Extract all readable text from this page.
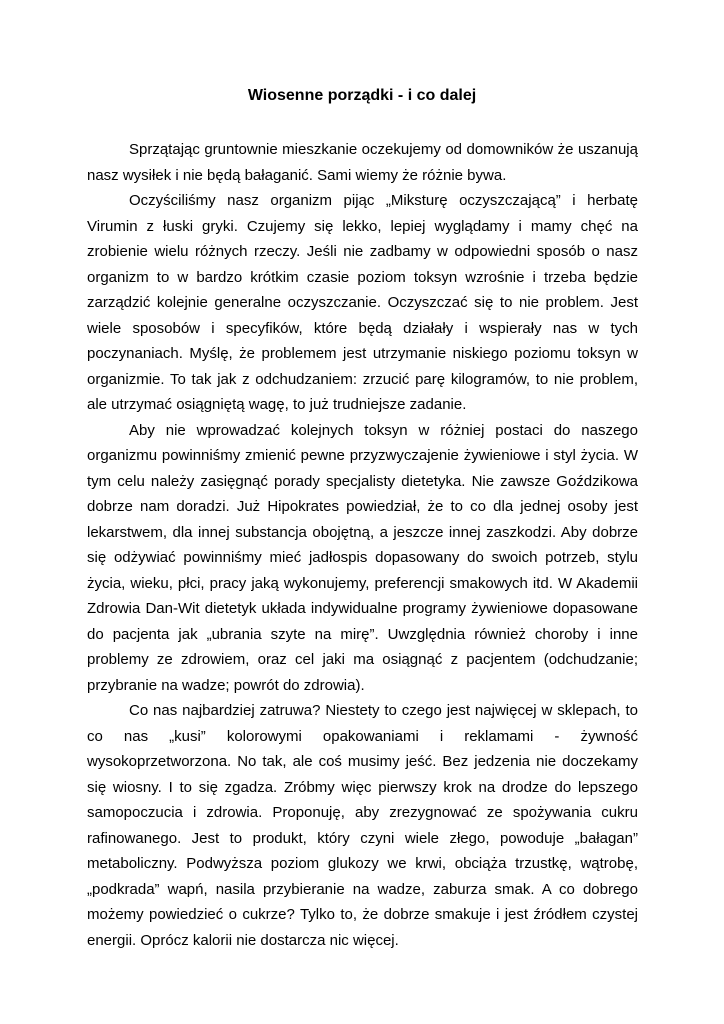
Wiosenne porządki - i co dalej

Sprzątając gruntownie mieszkanie oczekujemy od domowników że uszanują nasz wysiłek i nie będą bałaganić. Sami wiemy że różnie bywa.

Oczyściliśmy nasz organizm pijąc „Miksturę oczyszczającą” i herbatę Virumin z łuski gryki. Czujemy się lekko, lepiej wyglądamy i mamy chęć na zrobienie wielu różnych rzeczy. Jeśli nie zadbamy w odpowiedni sposób o nasz organizm to w bardzo krótkim czasie poziom toksyn wzrośnie i trzeba będzie zarządzić kolejnie generalne oczyszczanie. Oczyszczać się to nie problem. Jest wiele sposobów i specyfików, które będą działały i wspierały nas w tych poczynaniach. Myślę, że problemem jest utrzymanie niskiego poziomu toksyn w organizmie. To tak jak z odchudzaniem: zrzucić parę kilogramów, to nie problem, ale utrzymać osiągniętą wagę, to już trudniejsze zadanie.

Aby nie wprowadzać kolejnych toksyn w różniej postaci do naszego organizmu powinniśmy zmienić pewne przyzwyczajenie żywieniowe i styl życia. W tym celu należy zasięgnąć porady specjalisty dietetyka. Nie zawsze Goździkowa dobrze nam doradzi. Już Hipokrates powiedział, że to co dla jednej osoby jest lekarstwem, dla innej substancja obojętną, a jeszcze innej zaszkodzi. Aby dobrze się odżywiać powinniśmy mieć jadłospis dopasowany do swoich potrzeb, stylu życia, wieku, płci, pracy jaką wykonujemy, preferencji smakowych itd. W Akademii Zdrowia Dan-Wit dietetyk układa indywidualne programy żywieniowe dopasowane do pacjenta jak „ubrania szyte na mirę”. Uwzględnia również choroby i inne problemy ze zdrowiem, oraz cel jaki ma osiągnąć z pacjentem (odchudzanie; przybranie na wadze; powrót do zdrowia).

Co nas najbardziej zatruwa? Niestety to czego jest najwięcej w sklepach, to co nas „kusi” kolorowymi opakowaniami i reklamami - żywność wysokoprzetworzona. No tak, ale coś musimy jeść. Bez jedzenia nie doczekamy się wiosny. I to się zgadza. Zróbmy więc pierwszy krok na drodze do lepszego samopoczucia i zdrowia. Proponuję, aby zrezygnować ze spożywania cukru rafinowanego. Jest to produkt, który czyni wiele złego, powoduje „bałagan” metaboliczny. Podwyższa poziom glukozy we krwi, obciąża trzustkę, wątrobę, „podkrada” wapń, nasila przybieranie na wadze, zaburza smak. A co dobrego możemy powiedzieć o cukrze? Tylko to, że dobrze smakuje i jest źródłem czystej energii. Oprócz kalorii nie dostarcza nic więcej.
